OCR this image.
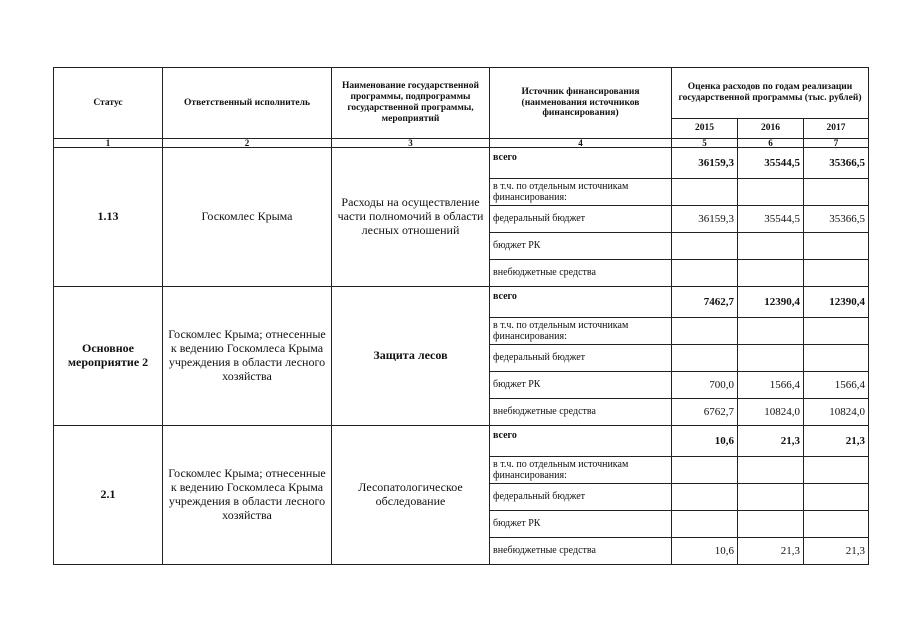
Статус	Ответственный исполнитель	Наименование государственной программы, подпрограммы государственной программы, мероприятий	Источник финансирования (наименования источников финансирования)	Оценка расходов по годам реализации государственной программы (тыс. рублей)		
				2015	2016	2017
1	2	3	4	5	6	7
1.13	Госкомлес Крыма	Расходы на осуществление части полномочий в области лесных отношений	всего	36159,3	35544,5	35366,5
			в т.ч. по отдельным источникам финансирования:			
			федеральный бюджет	36159,3	35544,5	35366,5
			бюджет РК			
			внебюджетные средства			
Основное мероприятие 2	Госкомлес Крыма; отнесенные к ведению Госкомлеса Крыма учреждения в области лесного хозяйства	Защита лесов	всего	7462,7	12390,4	12390,4
			в т.ч. по отдельным источникам финансирования:			
			федеральный бюджет			
			бюджет РК	700,0	1566,4	1566,4
			внебюджетные средства	6762,7	10824,0	10824,0
2.1	Госкомлес Крыма; отнесенные к ведению Госкомлеса Крыма учреждения в области лесного хозяйства	Лесопатологическое обследование	всего	10,6	21,3	21,3
			в т.ч. по отдельным источникам финансирования:			
			федеральный бюджет			
			бюджет РК			
			внебюджетные средства	10,6	21,3	21,3
